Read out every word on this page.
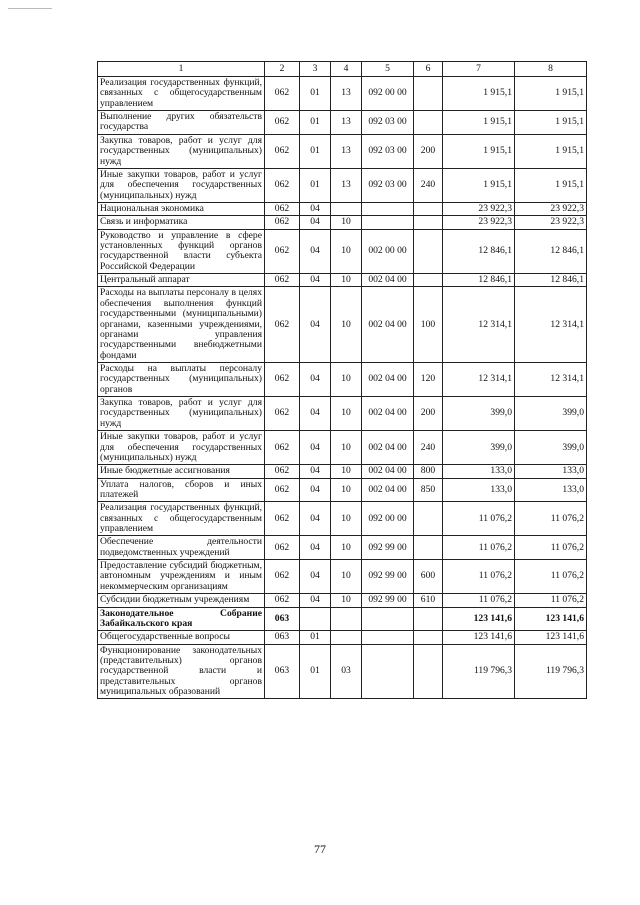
1	2	3	4	5	6	7	8
Реализация государственных функций, связанных с общегосударственным управлением	062	01	13	092 00 00		1 915,1	1 915,1
Выполнение других обязательств государства	062	01	13	092 03 00		1 915,1	1 915,1
Закупка товаров, работ и услуг для государственных (муниципальных) нужд	062	01	13	092 03 00	200	1 915,1	1 915,1
Иные закупки товаров, работ и услуг для обеспечения государственных (муниципальных) нужд	062	01	13	092 03 00	240	1 915,1	1 915,1
Национальная экономика	062	04				23 922,3	23 922,3
Связь и информатика	062	04	10			23 922,3	23 922,3
Руководство и управление в сфере установленных функций органов государственной власти субъекта Российской Федерации	062	04	10	002 00 00		12 846,1	12 846,1
Центральный аппарат	062	04	10	002 04 00		12 846,1	12 846,1
Расходы на выплаты персоналу в целях обеспечения выполнения функций государственными (муниципальными) органами, казенными учреждениями, органами управления государственными внебюджетными фондами	062	04	10	002 04 00	100	12 314,1	12 314,1
Расходы на выплаты персоналу государственных (муниципальных) органов	062	04	10	002 04 00	120	12 314,1	12 314,1
Закупка товаров, работ и услуг для государственных (муниципальных) нужд	062	04	10	002 04 00	200	399,0	399,0
Иные закупки товаров, работ и услуг для обеспечения государственных (муниципальных) нужд	062	04	10	002 04 00	240	399,0	399,0
Иные бюджетные ассигнования	062	04	10	002 04 00	800	133,0	133,0
Уплата налогов, сборов и иных платежей	062	04	10	002 04 00	850	133,0	133,0
Реализация государственных функций, связанных с общегосударственным управлением	062	04	10	092 00 00		11 076,2	11 076,2
Обеспечение деятельности подведомственных учреждений	062	04	10	092 99 00		11 076,2	11 076,2
Предоставление субсидий бюджетным, автономным учреждениям и иным некоммерческим организациям	062	04	10	092 99 00	600	11 076,2	11 076,2
Субсидии бюджетным учреждениям	062	04	10	092 99 00	610	11 076,2	11 076,2
Законодательное Собрание Забайкальского края	063					123 141,6	123 141,6
Общегосударственные вопросы	063	01				123 141,6	123 141,6
Функционирование законодательных (представительных) органов государственной власти и представительных органов муниципальных образований	063	01	03			119 796,3	119 796,3
77
